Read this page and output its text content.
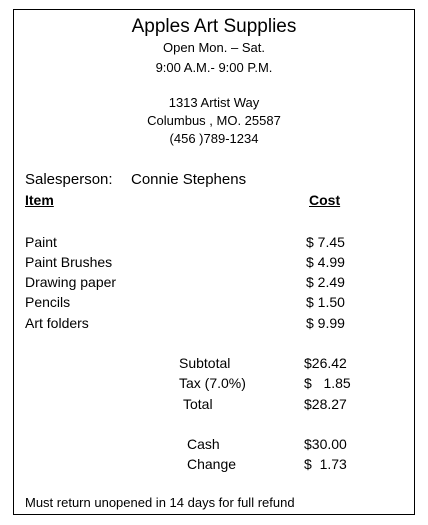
Apples Art Supplies
Open Mon. – Sat.
9:00 A.M.- 9:00 P.M.
1313 Artist Way
Columbus , MO. 25587
(456 )789-1234
Salesperson: Connie Stephens
Item	Cost
Paint	$ 7.45
Paint Brushes	$ 4.99
Drawing paper	$ 2.49
Pencils	$ 1.50
Art folders	$ 9.99
Subtotal	$26.42
Tax (7.0%)	$   1.85
Total	$28.27
Cash	$30.00
Change	$  1.73
Must return unopened in 14 days for full refund
